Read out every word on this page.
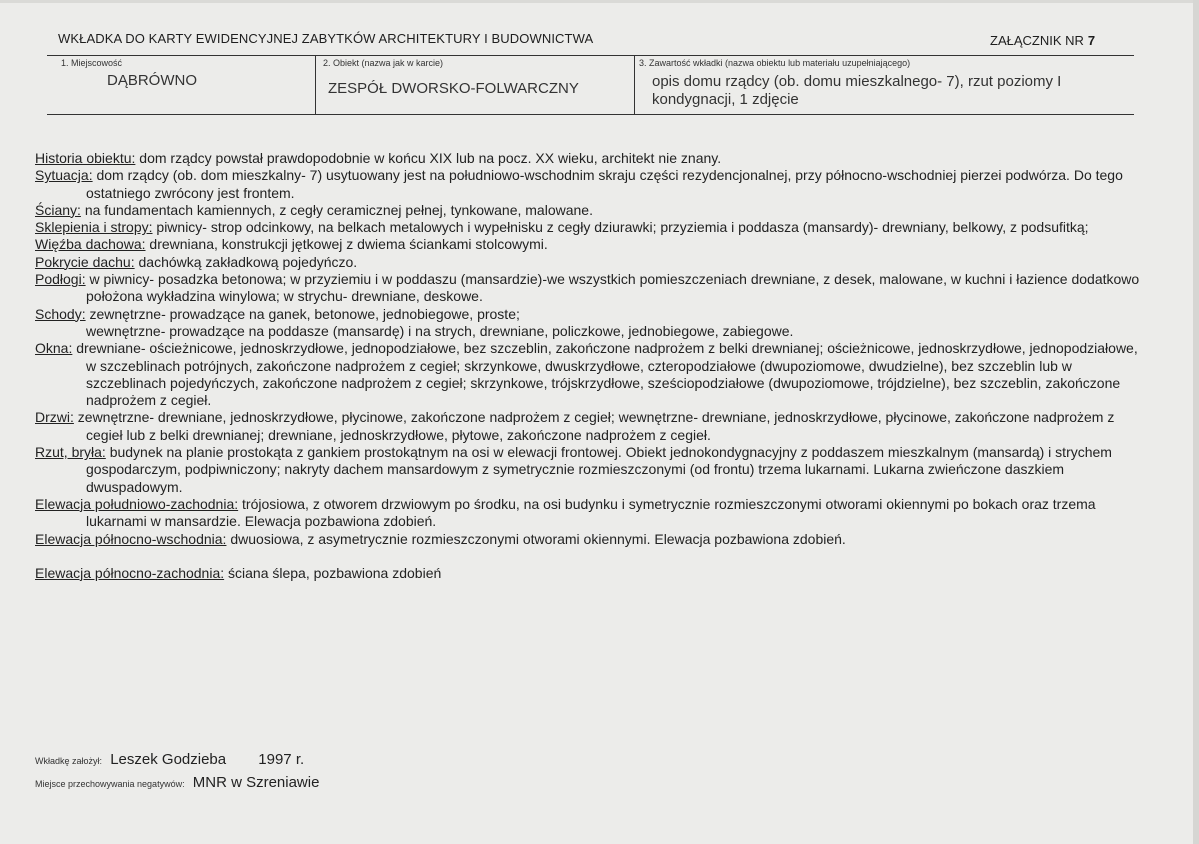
WKŁADKA DO KARTY EWIDENCYJNEJ ZABYTKÓW ARCHITEKTURY I BUDOWNICTWA	ZAŁĄCZNIK NR 7
1. Miejscowość
DĄBRÓWNO
2. Obiekt (nazwa jak w karcie)
ZESPÓŁ DWORSKO-FOLWARCZNY
3. Zawartość wkładki (nazwa obiektu lub materiału uzupełniającego)
opis domu rządcy (ob. domu mieszkalnego- 7), rzut poziomy I kondygnacji, 1 zdjęcie

Historia obiektu: dom rządcy powstał prawdopodobnie w końcu XIX lub na pocz. XX wieku, architekt nie znany.

Sytuacja: dom rządcy (ob. dom mieszkalny- 7) usytuowany jest na południowo-wschodnim skraju części rezydencjonalnej, przy północno-wschodniej pierzei podwórza. Do tego ostatniego zwrócony jest frontem.

Ściany: na fundamentach kamiennych, z cegły ceramicznej pełnej, tynkowane, malowane.

Sklepienia i stropy: piwnicy- strop odcinkowy, na belkach metalowych i wypełnisku z cegły dziurawki; przyziemia i poddasza (mansardy)- drewniany, belkowy, z podsufitką;

Więźba dachowa: drewniana, konstrukcji jętkowej z dwiema ściankami stolcowymi.

Pokrycie dachu: dachówką zakładkową pojedyńczo.

Podłogi: w piwnicy- posadzka betonowa; w przyziemiu i w poddaszu (mansardzie)-we wszystkich pomieszczeniach drewniane, z desek, malowane, w kuchni i łazience dodatkowo położona wykładzina winylowa; w strychu- drewniane, deskowe.

Schody: zewnętrzne- prowadzące na ganek, betonowe, jednobiegowe, proste;
wewnętrzne- prowadzące na poddasze (mansardę) i na strych, drewniane, policzkowe, jednobiegowe, zabiegowe.

Okna: drewniane- ościeżnicowe, jednoskrzydłowe, jednopodziałowe, bez szczeblin, zakończone nadprożem z belki drewnianej; ościeżnicowe, jednoskrzydłowe, jednopodziałowe, w szczeblinach potrójnych, zakończone nadprożem z cegieł; skrzynkowe, dwuskrzydłowe, czteropodziałowe (dwupoziomowe, dwudzielne), bez szczeblin lub w szczeblinach pojedyńczych, zakończone nadprożem z cegieł; skrzynkowe, trójskrzydłowe, sześciopodziałowe (dwupoziomowe, trójdzielne), bez szczeblin, zakończone nadprożem z cegieł.

Drzwi: zewnętrzne- drewniane, jednoskrzydłowe, płycinowe, zakończone nadprożem z cegieł; wewnętrzne- drewniane, jednoskrzydłowe, płycinowe, zakończone nadprożem z cegieł lub z belki drewnianej; drewniane, jednoskrzydłowe, płytowe, zakończone nadprożem z cegieł.

Rzut, bryła: budynek na planie prostokąta z gankiem prostokątnym na osi w elewacji frontowej. Obiekt jednokondygnacyjny z poddaszem mieszkalnym (mansardą) i strychem gospodarczym, podpiwniczony; nakryty dachem mansardowym z symetrycznie rozmieszczonymi (od frontu) trzema lukarnami. Lukarna zwieńczone daszkiem dwuspadowym.

Elewacja południowo-zachodnia: trójosiowa, z otworem drzwiowym po środku, na osi budynku i symetrycznie rozmieszczonymi otworami okiennymi po bokach oraz trzema lukarnami w mansardzie. Elewacja pozbawiona zdobień.

Elewacja północno-wschodnia: dwuosiowa, z asymetrycznie rozmieszczonymi otworami okiennymi. Elewacja pozbawiona zdobień.

Elewacja północno-zachodnia: ściana ślepa, pozbawiona zdobień

Wkładkę założył: Leszek Godzieba 1997 r.
Miejsce przechowywania negatywów: MNR w Szreniawie
